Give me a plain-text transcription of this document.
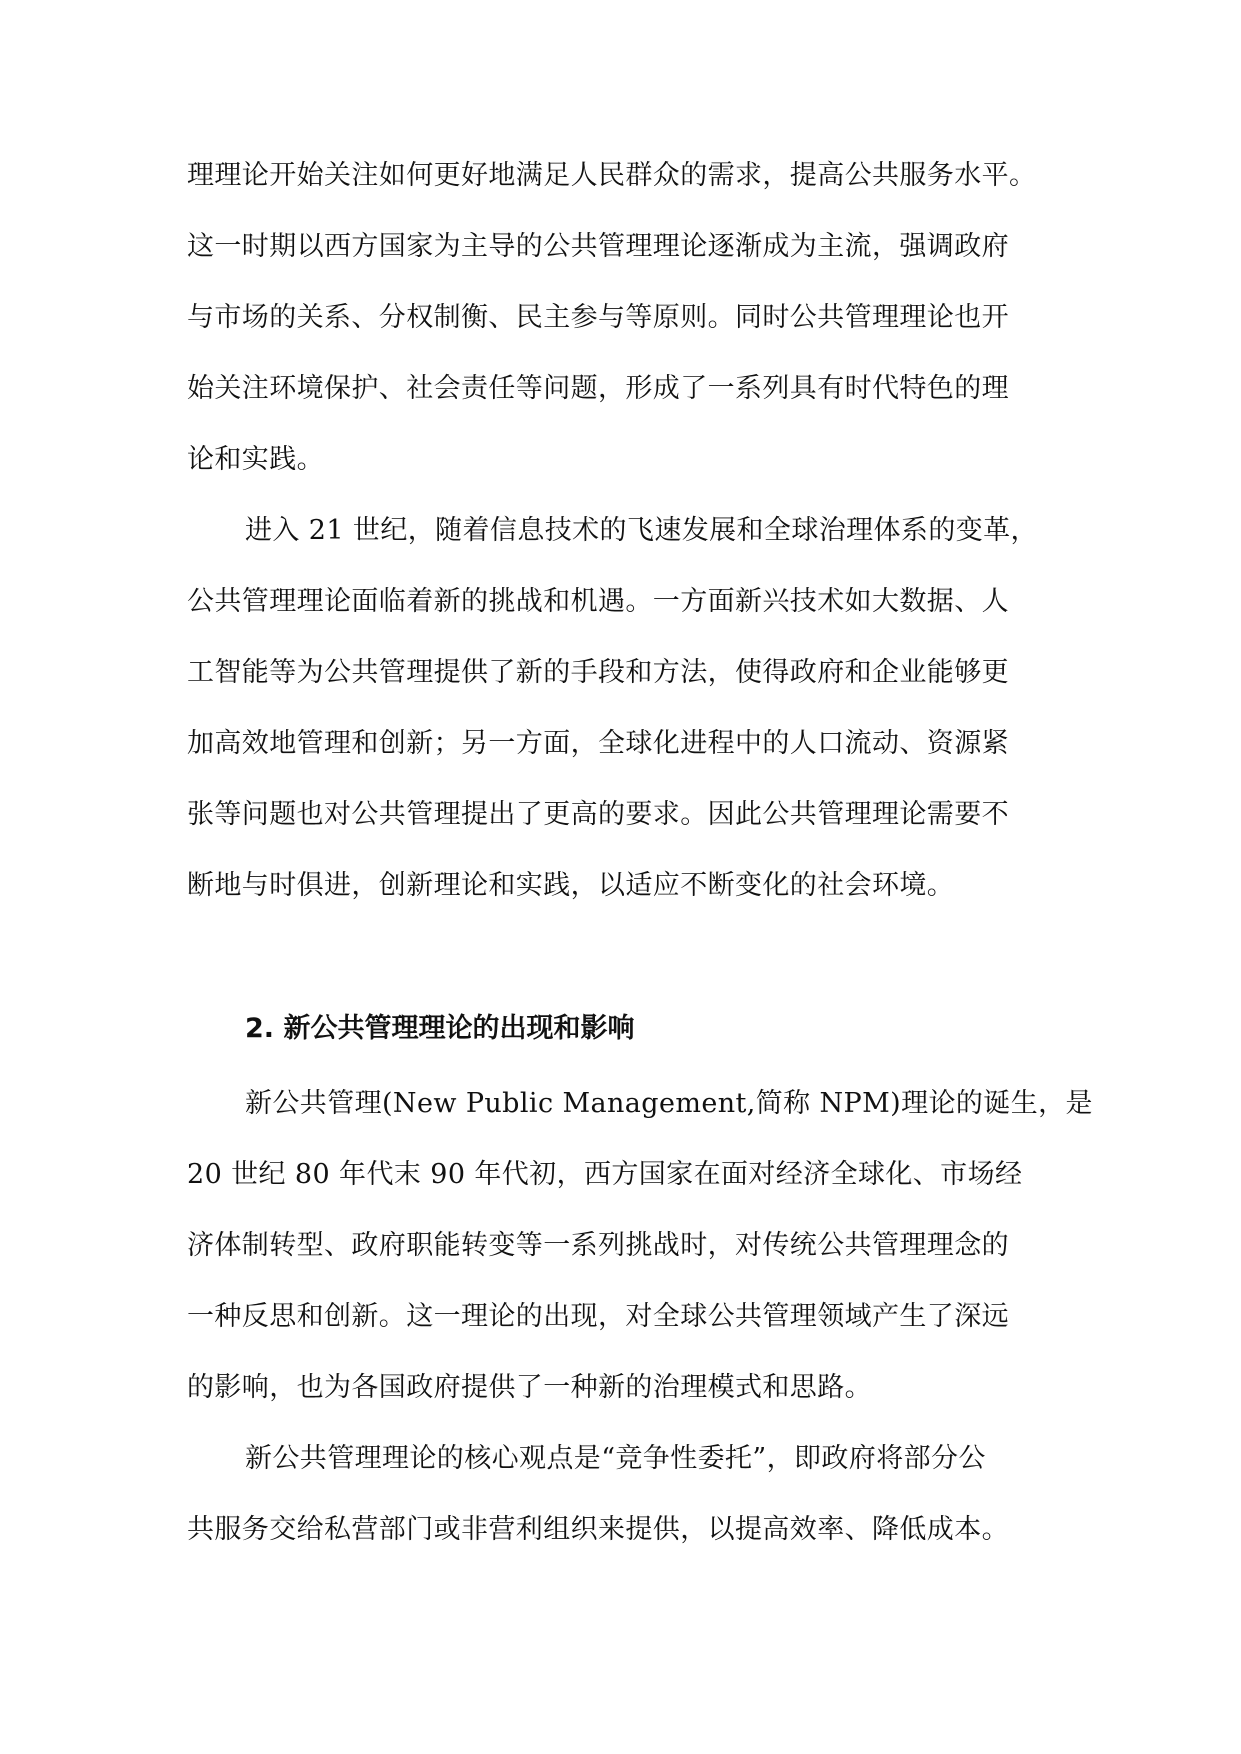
理理论开始关注如何更好地满足人民群众的需求，提高公共服务水平。
这一时期以西方国家为主导的公共管理理论逐渐成为主流，强调政府
与市场的关系、分权制衡、民主参与等原则。同时公共管理理论也开
始关注环境保护、社会责任等问题，形成了一系列具有时代特色的理
论和实践。
进入 21 世纪，随着信息技术的飞速发展和全球治理体系的变革，
公共管理理论面临着新的挑战和机遇。一方面新兴技术如大数据、人
工智能等为公共管理提供了新的手段和方法，使得政府和企业能够更
加高效地管理和创新；另一方面，全球化进程中的人口流动、资源紧
张等问题也对公共管理提出了更高的要求。因此公共管理理论需要不
断地与时俱进，创新理论和实践，以适应不断变化的社会环境。
2. 新公共管理理论的出现和影响
新公共管理(New Public Management,简称 NPM)理论的诞生，是
20 世纪 80 年代末 90 年代初，西方国家在面对经济全球化、市场经
济体制转型、政府职能转变等一系列挑战时，对传统公共管理理念的
一种反思和创新。这一理论的出现，对全球公共管理领域产生了深远
的影响，也为各国政府提供了一种新的治理模式和思路。
新公共管理理论的核心观点是“竞争性委托”，即政府将部分公
共服务交给私营部门或非营利组织来提供，以提高效率、降低成本。
